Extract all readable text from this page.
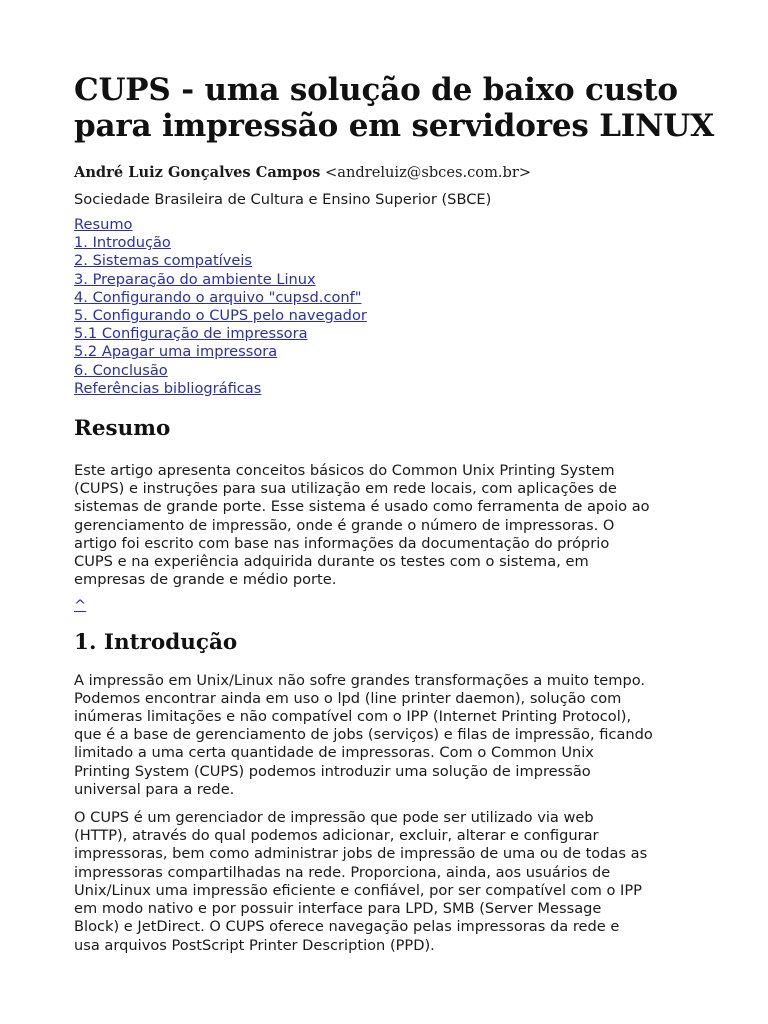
CUPS - uma solução de baixo custo para impressão em servidores LINUX
André Luiz Gonçalves Campos <andreluiz@sbces.com.br>
Sociedade Brasileira de Cultura e Ensino Superior (SBCE)
Resumo
1. Introdução
2. Sistemas compatíveis
3. Preparação do ambiente Linux
4. Configurando o arquivo "cupsd.conf"
5. Configurando o CUPS pelo navegador
5.1 Configuração de impressora
5.2 Apagar uma impressora
6. Conclusão
Referências bibliográficas
Resumo

Este artigo apresenta conceitos básicos do Common Unix Printing System
(CUPS) e instruções para sua utilização em rede locais, com aplicações de
sistemas de grande porte. Esse sistema é usado como ferramenta de apoio ao
gerenciamento de impressão, onde é grande o número de impressoras. O
artigo foi escrito com base nas informações da documentação do próprio
CUPS e na experiência adquirida durante os testes com o sistema, em
empresas de grande e médio porte.

^
1. Introdução

A impressão em Unix/Linux não sofre grandes transformações a muito tempo.
Podemos encontrar ainda em uso o lpd (line printer daemon), solução com
inúmeras limitações e não compatível com o IPP (Internet Printing Protocol),
que é a base de gerenciamento de jobs (serviços) e filas de impressão, ficando
limitado a uma certa quantidade de impressoras. Com o Common Unix
Printing System (CUPS) podemos introduzir uma solução de impressão
universal para a rede.

O CUPS é um gerenciador de impressão que pode ser utilizado via web
(HTTP), através do qual podemos adicionar, excluir, alterar e configurar
impressoras, bem como administrar jobs de impressão de uma ou de todas as
impressoras compartilhadas na rede. Proporciona, ainda, aos usuários de
Unix/Linux uma impressão eficiente e confiável, por ser compatível com o IPP
em modo nativo e por possuir interface para LPD, SMB (Server Message
Block) e JetDirect. O CUPS oferece navegação pelas impressoras da rede e
usa arquivos PostScript Printer Description (PPD).
